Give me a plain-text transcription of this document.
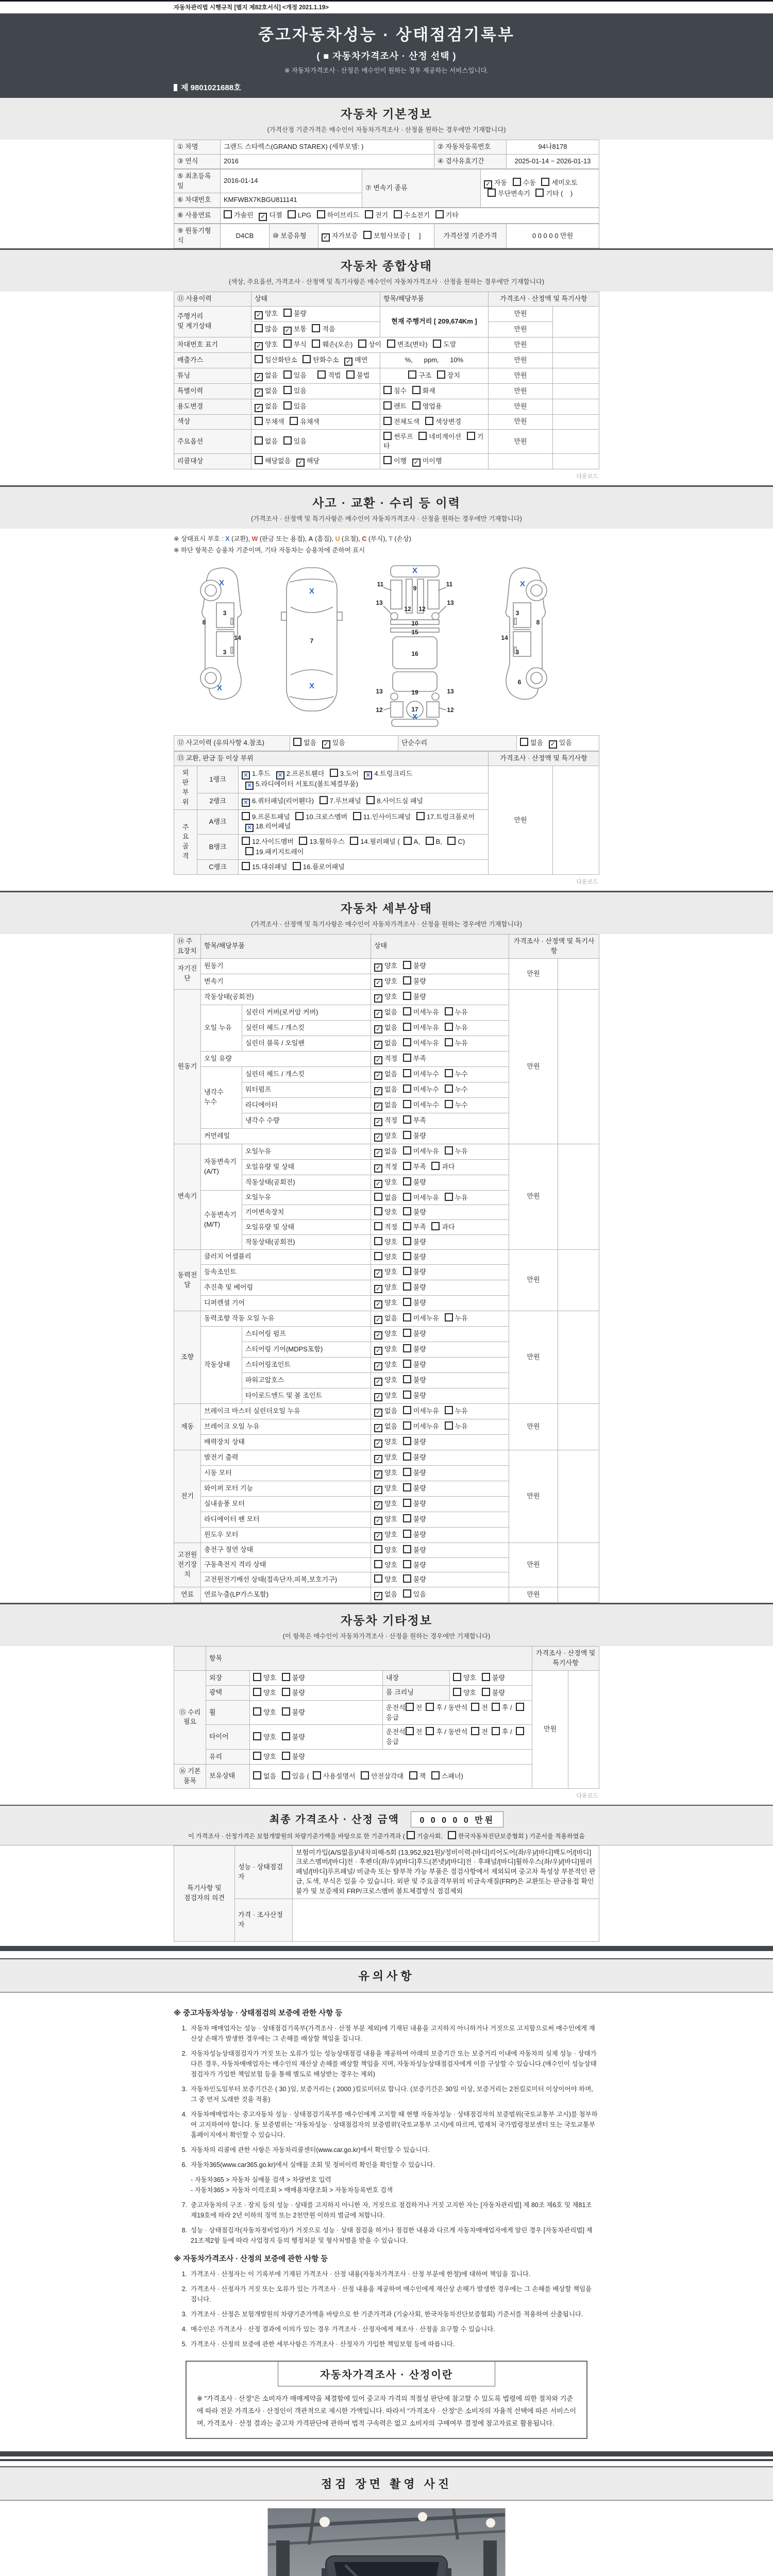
자동차관리법 시행규칙 [별지 제82호서식] <개정 2021.1.19>
중고자동차성능 · 상태점검기록부
( ■ 자동차가격조사 · 산정 선택 )
※ 자동차가격조사 · 산정은 매수인이 원하는 경우 제공하는 서비스입니다.
제 9801021688호
자동차 기본정보
(가격산정 기준가격은 매수인이 자동차가격조사 · 산정을 원하는 경우에만 기재합니다)
① 차명	그랜드 스타렉스(GRAND STAREX) (세부모델: )	② 자동차등록번호	94나8178
③ 연식	2016	④ 검사유효기간	2025-01-14 ~ 2026-01-13
⑤ 최초등록일	2016-01-14	⑦ 변속기 종류	✓ 자동 수동 세미오토
무단변속기 기타 (    )
⑥ 차대번호	KMFWBX7KBGU811141		
⑧ 사용연료	가솔린 ✓ 디젤 LPG 하이브리드 전기 수소전기 기타
⑨ 원동기형식	D4CB	⑩ 보증유형	✓ 자가보증 보험사보증 [     ]	가격산정 기준가격	0 0 0 0 0 만원
자동차 종합상태
(색상, 주요옵션, 가격조사 · 산정액 및 특기사항은 매수인이 자동차가격조사 · 산정을 원하는 경우에만 기재합니다)
⑪ 사용이력	상태	항목/해당부품	가격조사 · 산정액 및 특기사항	
주행거리
및 계기상태	✓ 양호 불량	현재 주행거리 [ 209,674Km ]	만원	
	많음 ✓ 보통 적음		만원	
차대번호 표기	✓ 양호 부식 훼손(오손) 상이 변조(변타) 도말		만원	
배출가스	일산화탄소 탄화수소 ✓ 매연	%,      ppm,      10%	만원	
튜닝	✓ 없음 있음    적법 불법	구조 장치	만원	
특별이력	✓ 없음 있음	침수 화재	만원	
용도변경	✓ 없음 있음	렌트 영업용	만원	
색상	무채색 유채색	전체도색 색상변경	만원	
주요옵션	없음 있음	썬루프 네비게이션 기타	만원	
리콜대상	해당없음 ✓ 해당	이행 ✓ 미이행		
다운로드
사고 · 교환 · 수리 등 이력
(가격조사 · 산정액 및 특기사항은 매수인이 자동차가격조사 · 산정을 원하는 경우에만 기재합니다)
※ 상태표시 부호 : X (교환), W (판금 또는 용접), A (흠집), U (요철), C (부식), T (손상)
※ 하단 항목은 승용차 기준이며, 기타 자동차는 승용차에 준하여 표시
8
3
14
3
X
X
7
X
X
11	11
9
13	13
12 12
10
15
16
13	13
19
12	12
17
X
X
3
8
14
3
6
X
⑫ 사고이력 (유의사항 4.참조)	없음 ✓ 있음	단순수리	없음 ✓ 있음
⑬ 교환, 판금 등 이상 부위			가격조사 · 산정액 및 특기사항	
외
판
부
위	1랭크	× 1.후드 × 2.프론트휀더 3.도어 × 4.트렁크리드
× 5.라디에이터 서포트(볼트체결부품)	만원	
	2랭크	× 6.쿼터패널(리어휀다) 7.루브패널 8.사이드실 패널		
주
요
골
격	A랭크	9.프론트패널 10.크로스멤버 11.인사이드패널 17.트렁크플로어
× 18.리어패널		
	B랭크	12.사이드멤버 13.휠하우스 14.필러패널 ( A, B, C)
19.패키지트레이		
	C랭크	15.대쉬패널 16.플로어패널		
다운로드
자동차 세부상태
(가격조사 · 산정액 및 특기사항은 매수인이 자동차가격조사 · 산정을 원하는 경우에만 기재합니다)
⑭ 주요장치	항목/해당부품		상태	가격조사 · 산정액 및 특기사항	
자기진단	원동기		✓ 양호 불량	만원	
	변속기		✓ 양호 불량		
원동기	작동상태(공회전)		✓ 양호 불량	만원	
	오일 누유	실린더 커버(로커암 커버)	✓ 없음 미세누유 누유		
		실린더 헤드 / 개스킷	✓ 없음 미세누유 누유		
		실린더 블록 / 오일팬	✓ 없음 미세누유 누유		
	오일 유량		✓ 적정 부족		
	냉각수
누수	실린더 헤드 / 개스킷	✓ 없음 미세누수 누수		
		워터펌프	✓ 없음 미세누수 누수		
		라디에이터	✓ 없음 미세누수 누수		
		냉각수 수량	✓ 적정 부족		
	커먼레일		✓ 양호 불량		
변속기	자동변속기
(A/T)	오일누유	✓ 없음 미세누유 누유	만원	
		오일유량 및 상태	✓ 적정 부족 과다		
		작동상태(공회전)	✓ 양호 불량		
	수동변속기
(M/T)	오일누유	없음 미세누유 누유		
		기어변속장치	양호 불량		
		오일유량 및 상태	적정 부족 과다		
		작동상태(공회전)	양호 불량		
동력전달	클러치 어셈블리		양호 불량	만원	
	등속조인트		✓ 양호 불량		
	추진축 및 베어링		✓ 양호 불량		
	디퍼렌셜 기어		✓ 양호 불량		
조향	동력조향 작동 오일 누유		✓ 없음 미세누유 누유	만원	
	작동상태	스티어링 펌프	✓ 양호 불량		
		스티어링 기어(MDPS포함)	✓ 양호 불량		
		스티어링조인트	✓ 양호 불량		
		파워고압호스	✓ 양호 불량		
		타이로드엔드 및 볼 조인트	✓ 양호 불량		
제동	브레이크 마스터 실린더오일 누유		✓ 없음 미세누유 누유	만원	
	브레이크 오일 누유		✓ 없음 미세누유 누유		
	배력장치 상태		✓ 양호 불량		
전기	발전기 출력		✓ 양호 불량	만원	
	시동 모터		✓ 양호 불량		
	와이퍼 모터 기능		✓ 양호 불량		
	실내송풍 모터		✓ 양호 불량		
	라디에이터 팬 모터		✓ 양호 불량		
	윈도우 모터		✓ 양호 불량		
고전원
전기장치	충전구 절연 상태		양호 불량	만원	
	구동축전지 격리 상태		양호 불량		
	고전원전기배선 상태(접속단자,피복,보호기구)		양호 불량		
연료	연료누출(LP가스포함)		✓ 없음 있음	만원	
자동차 기타정보
(이 항목은 매수인이 자동차가격조사 · 산정을 원하는 경우에만 기재합니다)
	항목				가격조사 · 산정액 및 특기사항	
⑮ 수리
필요	외장	양호 불량	내장	양호 불량	만원	
	광택	양호 불량	룸 크리닝	양호 불량		
	휠	양호 불량	운전석 전 후 / 동반석 전 후 /응급			
	타이어	양호 불량	운전석 전 후 / 동반석 전 후 /응급			
	유리	양호 불량				
⑯ 기본
품목	보유상태	없음 있음 ( 사용설명서 안전삼각대 잭 스패너)				
다운로드
최종 가격조사 · 산정 금액 0 0 0 0 0 만원
이 가격조사 · 산정가격은 보험개발원의 차량기준가액을 바탕으로 한 기준가격과 ( 기술사회, 한국자동차진단보증협회 ) 기준서를 적용하였음
특기사항 및
점검자의 의견	성능 · 상태점검
자	보험미가입(A/S없음)/내차피해-5회 (13,952,921원)/정비이력-[바디]리어도어(좌/우)/[바디]백도어/[바디]크로스멤버/[바디]전 · 후펜더(좌/우)/[바디]후드(본넷)/[바디]전 · 후패널/[바디]휠하우스(좌/우)/[바디]필러패널/[바디]루프패널/ 비금속 또는 탈부착 가능 부품은 점검사항에서 제외되며 중고차 특성상 부분적인 판금, 도색, 부식은 있을 수 있습니다. 외판 및 주요골격부위의 비금속재질(FRP)은 교환또는 판금용접 확인불가 및 보증제외 FRP/크로스멤버 볼트체결방식 점검제외
	가격 · 조사산정
자	
유의사항
※ 중고자동차성능 · 상태점검의 보증에 관한 사항 등
1. 자동차 매매업자는 성능 · 상태점검기록부(가격조사 · 산정 부분 제외)에 기재된 내용을 고지하지 아니하거나 거짓으로 고지함으로써 매수인에게 재산상 손해가 발생한 경우에는 그 손해를 배상할 책임을 집니다.
2. 자동차성능상태점검자가 거짓 또는 오류가 있는 성능상태점검 내용을 제공하여 아래의 보증기간 또는 보증거리 이내에 자동차의 실제 성능 · 상태가 다른 경우, 자동차매매업자는 매수인의 재산상 손해를 배상할 책임을 지며, 자동차성능상태점검자에게 이를 구상할 수 있습니다.(매수인이 성능상태점검자가 가입한 책임보험 등을 통해 별도로 배상받는 경우는 제외)
3. 자동차인도일부터 보증기간은 ( 30 )일, 보증거리는 ( 2000 )킬로미터로 합니다. (보증기간은 30일 이상, 보증거리는 2천킬로미터 이상이어야 하며, 그 중 먼저 도래한 것을 적용)
4. 자동차매매업자는 중고자동차 성능 · 상태점검기록부를 매수인에게 고지할 때 현행 자동차성능 · 상태점검자의 보증범위(국토교통부 고시)를 첨부하여 고지하여야 합니다. 동 보증범위는 '자동차성능 · 상태점검자의 보증범위'(국토교통부 고시)에 따르며, 법제처 국가법령정보센터 또는 국토교통부 홈페이지에서 확인할 수 있습니다.
5. 자동차의 리콜에 관한 사항은 자동차리콜센터(www.car.go.kr)에서 확인할 수 있습니다.
6. 자동차365(www.car365.go.kr)에서 실매물 조회 및 정비이력 확인을 확인할 수 있습니다.
- 자동차365 > 자동차 실매물 검색 > 차량번호 입력
- 자동차365 > 자동차 이력조회 > 매매용차량조회 > 자동차등록번호 검색
7. 중고자동차의 구조 · 장치 등의 성능 · 상태를 고지하지 아니한 자, 거짓으로 점검하거나 거짓 고지한 자는 [자동차관리법] 제 80조 제6호 및 제81조 제19호에 따라 2년 이하의 징역 또는 2천만원 이하의 벌금에 처합니다.
8. 성능 · 상태점검자(자동차정비업자)가 거짓으로 성능 · 상태 점검을 하거나 점검한 내용과 다르게 자동차매매업자에게 알린 경우 [자동차관리법] 제21조제2항 등에 따라 사업정지 등의 행정처분 및 형사처벌을 받을 수 있습니다.
※ 자동차가격조사 · 산정의 보증에 관한 사항 등
1. 가격조사 · 산정자는 이 기록부에 기재된 가격조사 · 산정 내용(자동차가격조사 · 산정 부분에 한정)에 대하여 책임을 집니다.
2. 가격조사 · 산정자가 거짓 또는 오류가 있는 가격조사 · 산정 내용을 제공하여 매수인에게 재산상 손해가 발생한 경우에는 그 손해를 배상할 책임을 집니다.
3. 가격조사 · 산정은 보험개발원의 차량기준가액을 바탕으로 한 기준가격과 (기술사회, 한국자동차진단보증협회) 기준서를 적용하여 산출됩니다.
4. 매수인은 가격조사 · 산정 결과에 이의가 있는 경우 가격조사 · 산정자에게 재조사 · 산정을 요구할 수 있습니다.
5. 가격조사 · 산정의 보증에 관한 세부사항은 가격조사 · 산정자가 가입한 책임보험 등에 따릅니다.
자동차가격조사 · 산정이란
※ "가격조사 · 산정"은 소비자가 매매계약을 체결함에 있어 중고차 가격의 적절성 판단에 참고할 수 있도록 법령에 의한 절차와 기준에 따라 전문 가격조사 · 산정인이 객관적으로 제시한 가액입니다. 따라서 "가격조사 · 산정"은 소비자의 자율적 선택에 따른 서비스이며, 가격조사 · 산정 결과는 중고차 가격판단에 관하여 법적 구속력은 없고 소비자의 구매여부 결정에 참고자료로 활용됩니다.
점검 장면 촬영 사진
